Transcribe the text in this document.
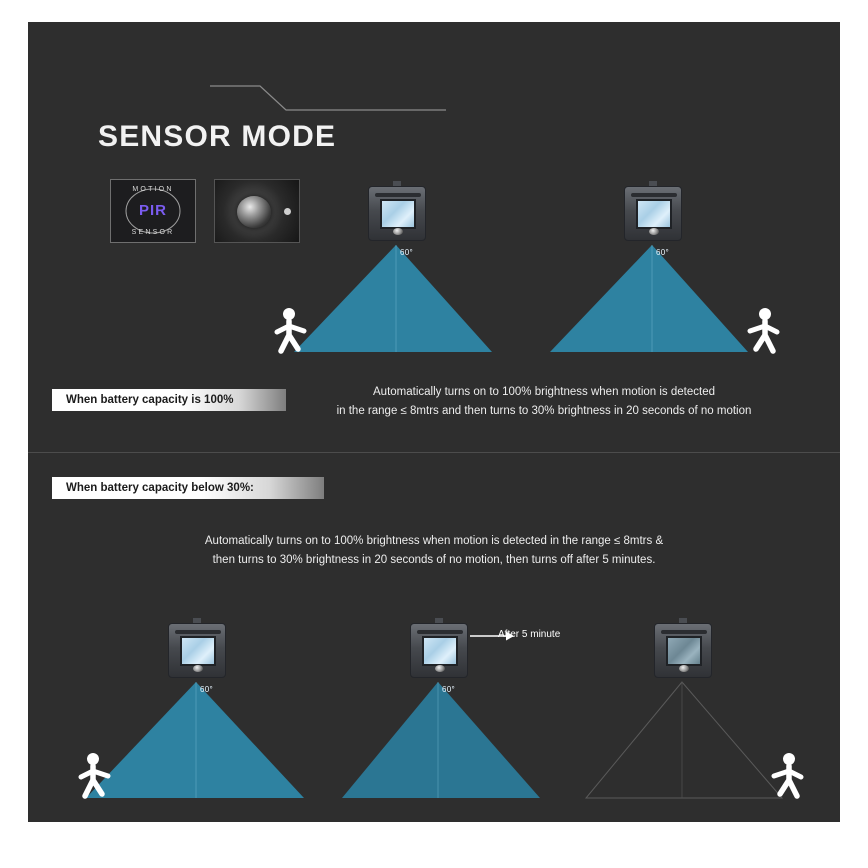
SENSOR MODE
MOTION
PIR
SENSOR
60°	60°
When battery capacity is 100%
Automatically turns on to 100% brightness when motion is detected
in the range ≤ 8mtrs and then turns to 30% brightness in 20 seconds of no motion
When battery capacity below 30%:
Automatically turns on to 100% brightness when motion is detected in the range ≤ 8mtrs &
then turns to 30% brightness in 20 seconds of no motion, then turns off after 5 minutes.
60°	60°
After 5 minute
